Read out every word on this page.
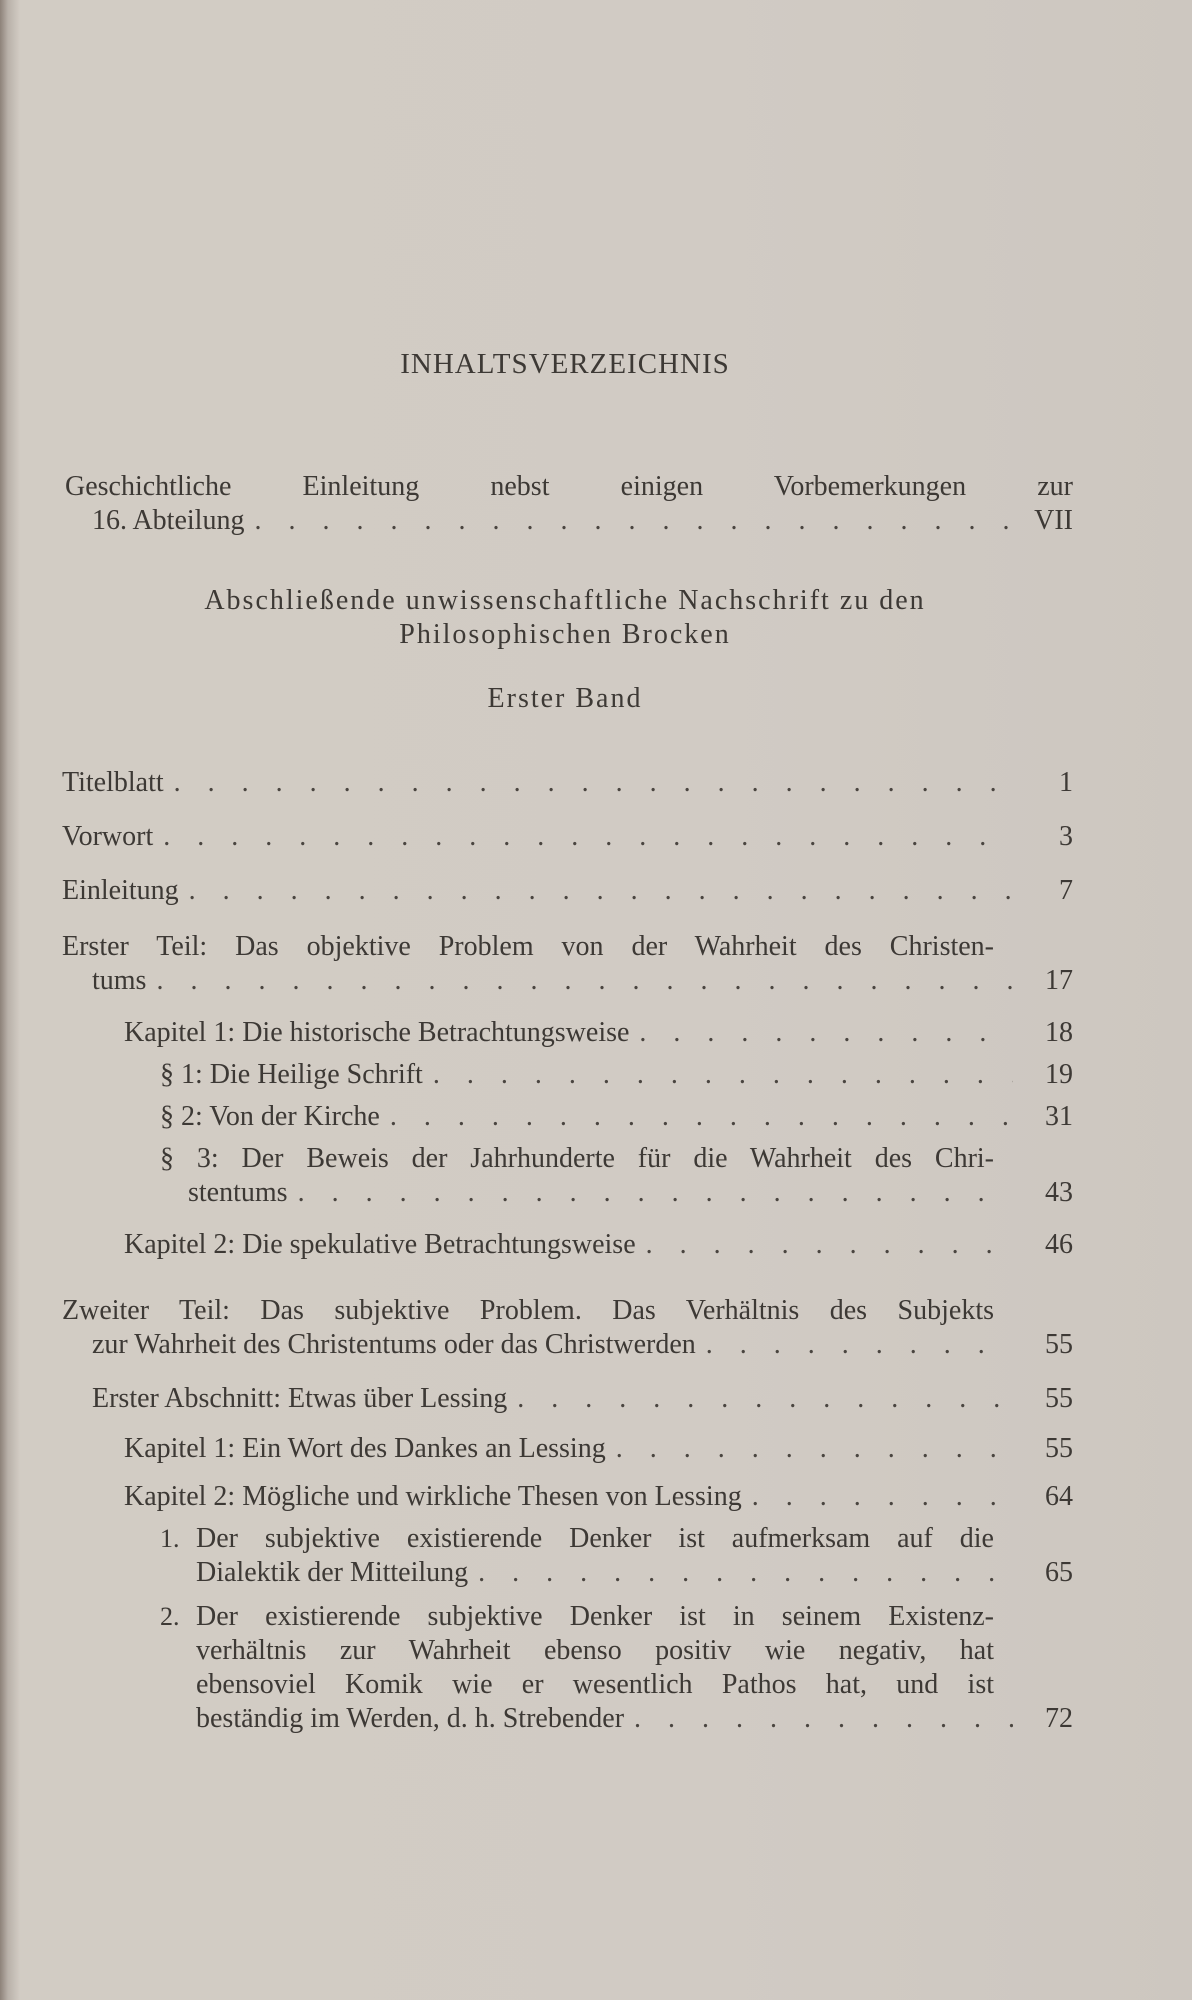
INHALTSVERZEICHNIS
Geschichtliche Einleitung nebst einigen Vorbemerkungen zur
16. Abteilung . . .	VII
Abschließende unwissenschaftliche Nachschrift zu den
Philosophischen Brocken
Erster Band
Titelblatt . . .	1
Vorwort . . .	3
Einleitung . . .	7
Erster Teil: Das objektive Problem von der Wahrheit des Christen-
tums . . .	17
Kapitel 1: Die historische Betrachtungsweise . . .	18
§ 1: Die Heilige Schrift . . .	19
§ 2: Von der Kirche . . .	31
§ 3: Der Beweis der Jahrhunderte für die Wahrheit des Chri-
stentums . . .	43
Kapitel 2: Die spekulative Betrachtungsweise . . .	46
Zweiter Teil: Das subjektive Problem. Das Verhältnis des Subjekts
zur Wahrheit des Christentums oder das Christwerden . . .	55
Erster Abschnitt: Etwas über Lessing . . .	55
Kapitel 1: Ein Wort des Dankes an Lessing . . .	55
Kapitel 2: Mögliche und wirkliche Thesen von Lessing . . .	64
1. Der subjektive existierende Denker ist aufmerksam auf die
Dialektik der Mitteilung . . .	65
2. Der existierende subjektive Denker ist in seinem Existenz-
verhältnis zur Wahrheit ebenso positiv wie negativ, hat
ebensoviel Komik wie er wesentlich Pathos hat, und ist
beständig im Werden, d. h. Strebender . . .	72
